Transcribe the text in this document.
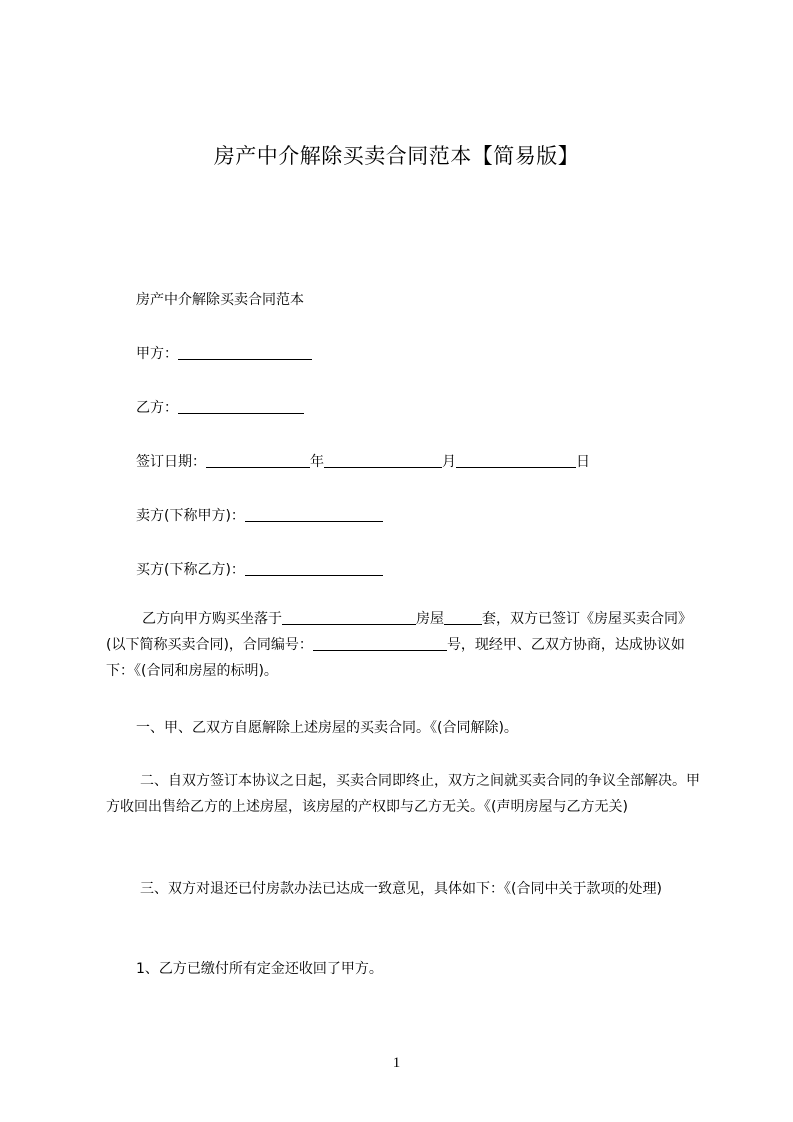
房产中介解除买卖合同范本【简易版】
房产中介解除买卖合同范本
甲方：
乙方：
签订日期：	年	月	日
卖方(下称甲方)：
买方(下称乙方)：
乙方向甲方购买坐落于	房屋	套，双方已签订《房屋买卖合同》(以下简称买卖合同)，合同编号：	号，现经甲、乙双方协商，达成协议如下：《(合同和房屋的标明)。
一、甲、乙双方自愿解除上述房屋的买卖合同。《(合同解除)。
二、自双方签订本协议之日起，买卖合同即终止，双方之间就买卖合同的争议全部解决。甲方收回出售给乙方的上述房屋，该房屋的产权即与乙方无关。《(声明房屋与乙方无关)
三、双方对退还已付房款办法已达成一致意见，具体如下：《(合同中关于款项的处理)
1、乙方已缴付所有定金还收回了甲方。
1
